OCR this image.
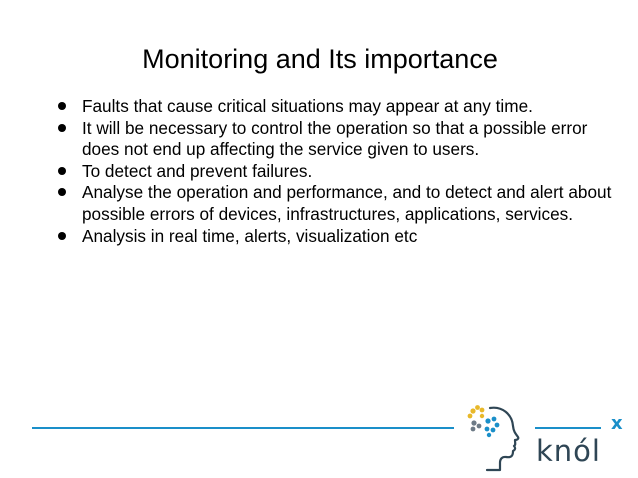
Monitoring and Its importance
Faults that cause critical situations may appear at any time.
It will be necessary to control the operation so that a possible error does not end up affecting the service given to users.
To detect and prevent failures.
Analyse the operation and performance, and to detect and alert about possible errors of devices, infrastructures, applications, services.
Analysis in real time, alerts, visualization etc
knól
x
